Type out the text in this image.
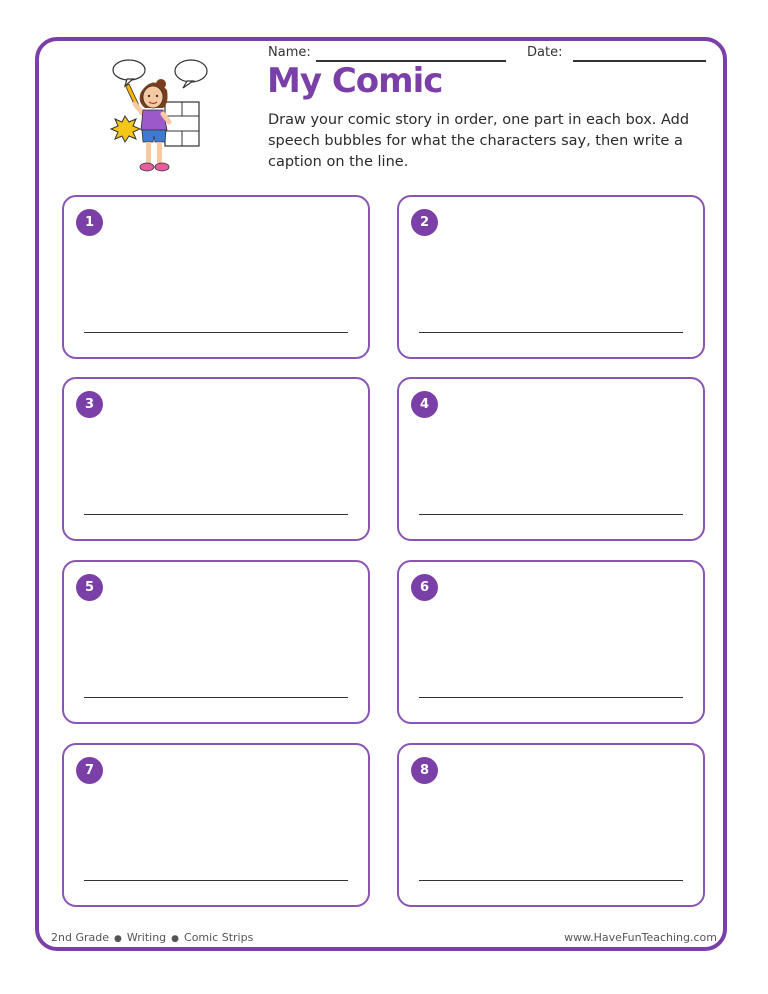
Name:	Date:
My Comic
Draw your comic story in order, one part in each box. Add speech bubbles for what the characters say, then write a caption on the line.
1	2
3	4
5	6
7	8
2nd Grade ● Writing ● Comic Strips	www.HaveFunTeaching.com
